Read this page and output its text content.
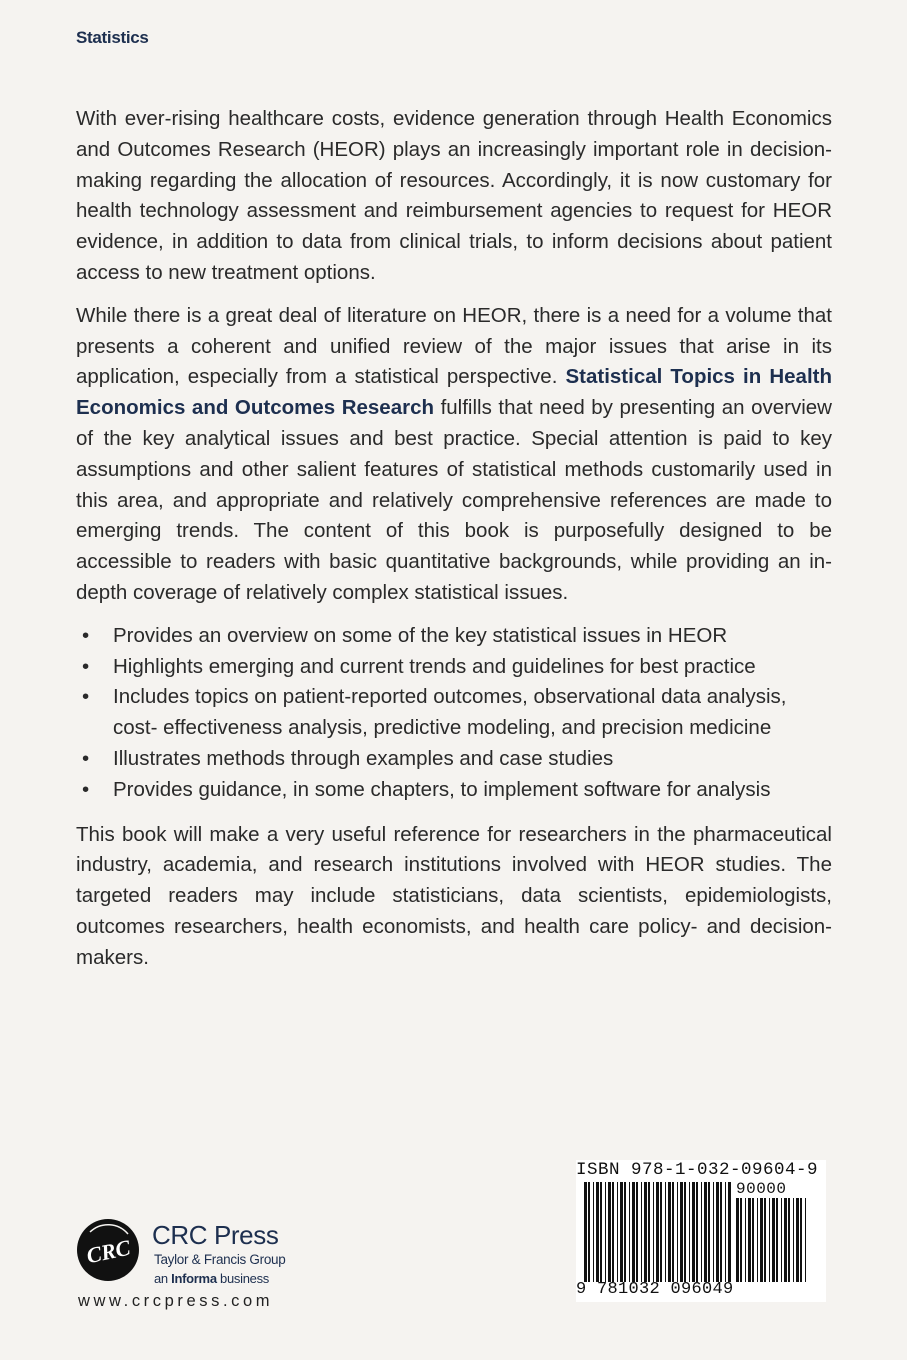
Statistics

With ever-rising healthcare costs, evidence generation through Health Economics and Outcomes Research (HEOR) plays an increasingly important role in decision-making regarding the allocation of resources. Accordingly, it is now customary for health technology assessment and reimbursement agencies to request for HEOR evidence, in addition to data from clinical trials, to inform decisions about patient access to new treatment options.

While there is a great deal of literature on HEOR, there is a need for a volume that presents a coherent and unified review of the major issues that arise in its application, especially from a statistical perspective. Statistical Topics in Health Economics and Outcomes Research fulfills that need by presenting an overview of the key analytical issues and best practice. Special attention is paid to key assumptions and other salient features of statistical methods customarily used in this area, and appropriate and relatively comprehensive references are made to emerging trends. The content of this book is purposefully designed to be accessible to readers with basic quantitative backgrounds, while providing an in-depth coverage of relatively complex statistical issues.

• Provides an overview on some of the key statistical issues in HEOR
• Highlights emerging and current trends and guidelines for best practice
• Includes topics on patient-reported outcomes, observational data analysis, cost- effectiveness analysis, predictive modeling, and precision medicine
• Illustrates methods through examples and case studies
• Provides guidance, in some chapters, to implement software for analysis

This book will make a very useful reference for researchers in the pharmaceutical industry, academia, and research institutions involved with HEOR studies. The targeted readers may include statisticians, data scientists, epidemiologists, outcomes researchers, health economists, and health care policy- and decision-makers.

CRC CRC Press
Taylor & Francis Group
an Informa business
www.crcpress.com
ISBN 978-1-032-09604-9
90000
9 781032 096049
